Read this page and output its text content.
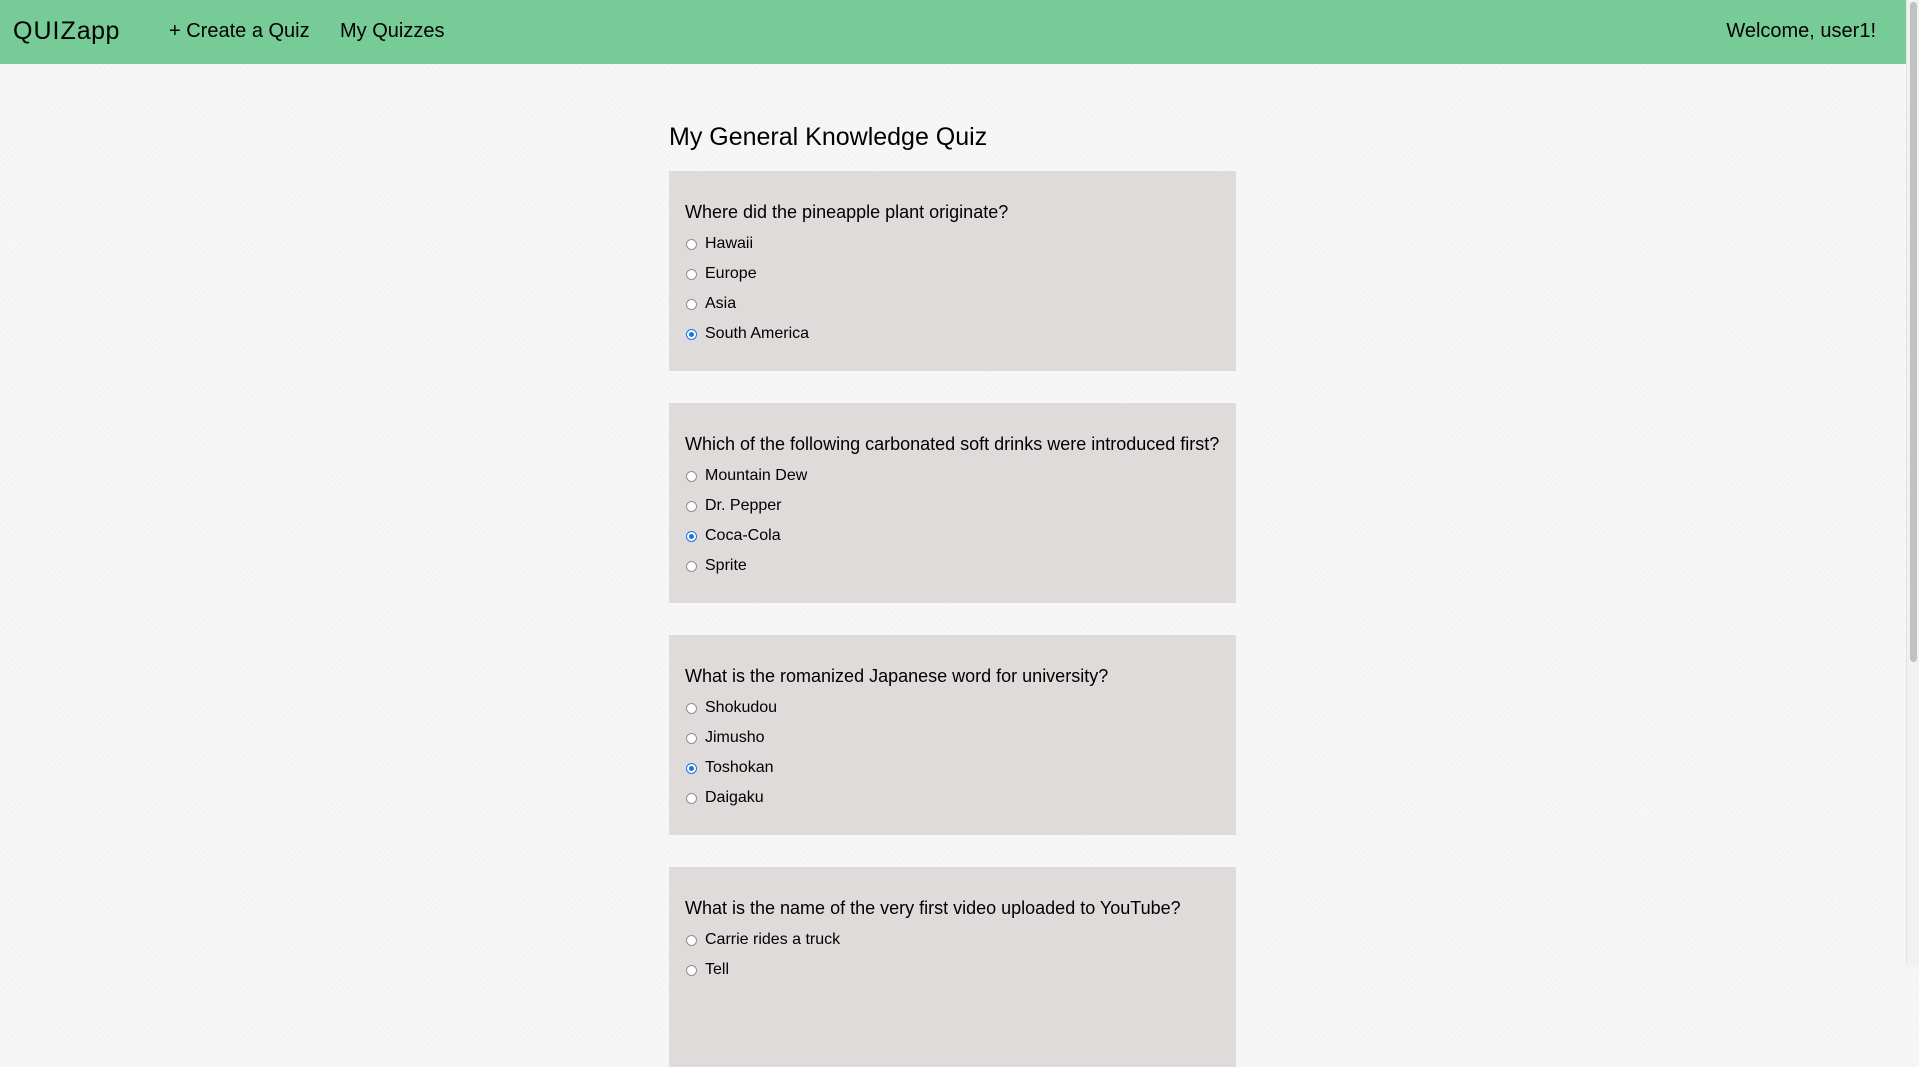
QUIZapp + Create a Quiz My Quizzes	Welcome, user1!
My General Knowledge Quiz

Where did the pineapple plant originate?

Hawaii
Europe
Asia
South America

Which of the following carbonated soft drinks were introduced first?

Mountain Dew
Dr. Pepper
Coca-Cola
Sprite

What is the romanized Japanese word for university?

Shokudou
Jimusho
Toshokan
Daigaku

What is the name of the very first video uploaded to YouTube?

Carrie rides a truck
Tell
